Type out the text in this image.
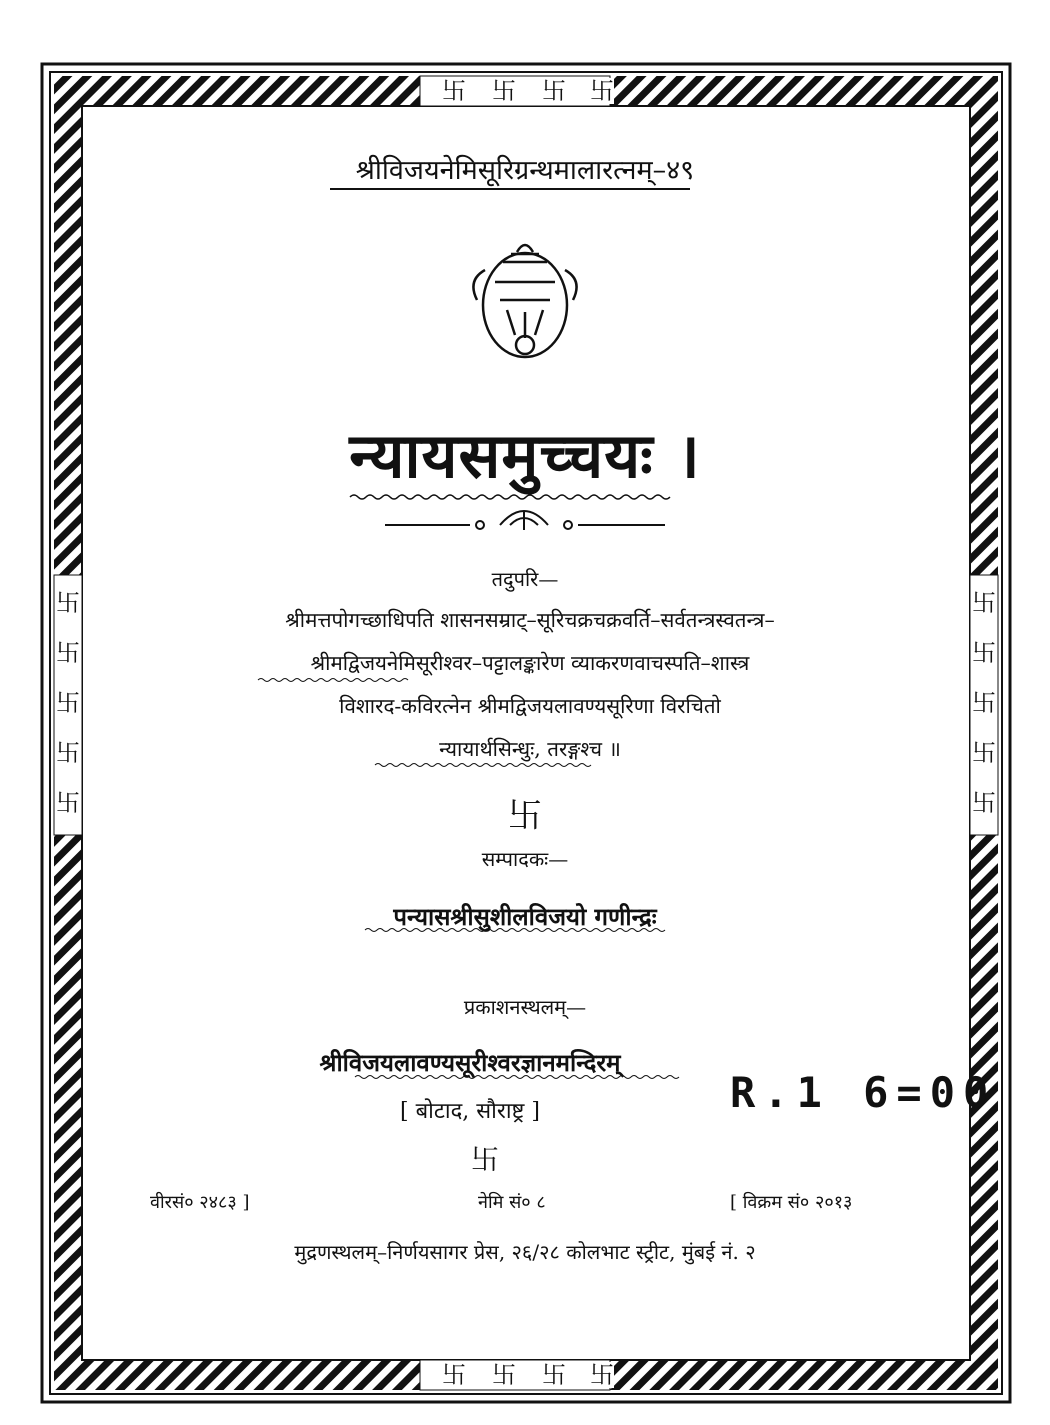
卐
卐
卐
卐
卐
卐
卐
卐
卐	卐
卐	卐
卐	卐
卐	卐
卐	卐
श्रीविजयनेमिसूरिग्रन्थमालारत्नम्–४९
न्यायसमुच्चयः ।
तदुपरि—
श्रीमत्तपोगच्छाधिपति शासनसम्राट्–सूरिचक्रचक्रवर्ति–सर्वतन्त्रस्वतन्त्र–
श्रीमद्विजयनेमिसूरीश्वर–पट्टालङ्कारेण व्याकरणवाचस्पति–शास्त्र
विशारद-कविरत्नेन श्रीमद्विजयलावण्यसूरिणा विरचितो
न्यायार्थसिन्धुः, तरङ्गश्च ॥
卐
सम्पादकः—
पन्यासश्रीसुशीलविजयो गणीन्द्रः
प्रकाशनस्थलम्—
श्रीविजयलावण्यसूरीश्वरज्ञानमन्दिरम्
[ बोटाद, सौराष्ट्र ]	R.1 6=00
卐
वीरसं० २४८३ ]	नेमि सं० ८	[ विक्रम सं० २०१३
मुद्रणस्थलम्–निर्णयसागर प्रेस, २६/२८ कोलभाट स्ट्रीट, मुंबई नं. २
